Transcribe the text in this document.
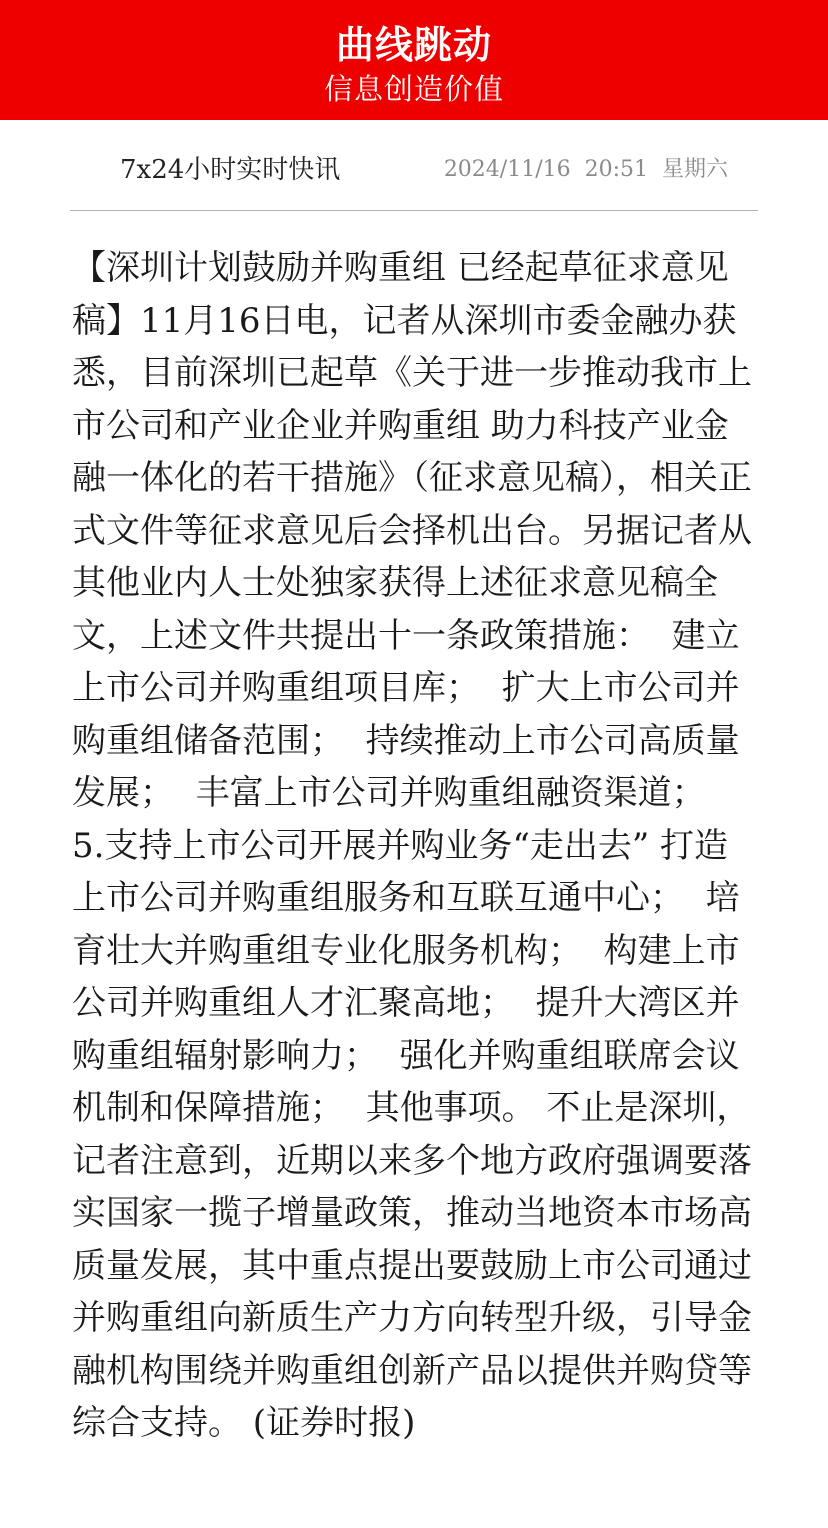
曲线跳动
信息创造价值
7x24小时实时快讯	2024/11/16  20:51  星期六

【深圳计划鼓励并购重组 已经起草征求意见稿】11月16日电，记者从深圳市委金融办获悉，目前深圳已起草《关于进一步推动我市上市公司和产业企业并购重组 助力科技产业金融一体化的若干措施》（征求意见稿），相关正式文件等征求意见后会择机出台。另据记者从其他业内人士处独家获得上述征求意见稿全文，上述文件共提出十一条政策措施：  建立上市公司并购重组项目库；  扩大上市公司并购重组储备范围；  持续推动上市公司高质量发展；  丰富上市公司并购重组融资渠道；  5.支持上市公司开展并购业务“走出去” 打造上市公司并购重组服务和互联互通中心；  培育壮大并购重组专业化服务机构；  构建上市公司并购重组人才汇聚高地；  提升大湾区并购重组辐射影响力；  强化并购重组联席会议机制和保障措施；  其他事项。 不止是深圳，记者注意到，近期以来多个地方政府强调要落实国家一揽子增量政策，推动当地资本市场高质量发展，其中重点提出要鼓励上市公司通过并购重组向新质生产力方向转型升级，引导金融机构围绕并购重组创新产品以提供并购贷等综合支持。 (证券时报)
